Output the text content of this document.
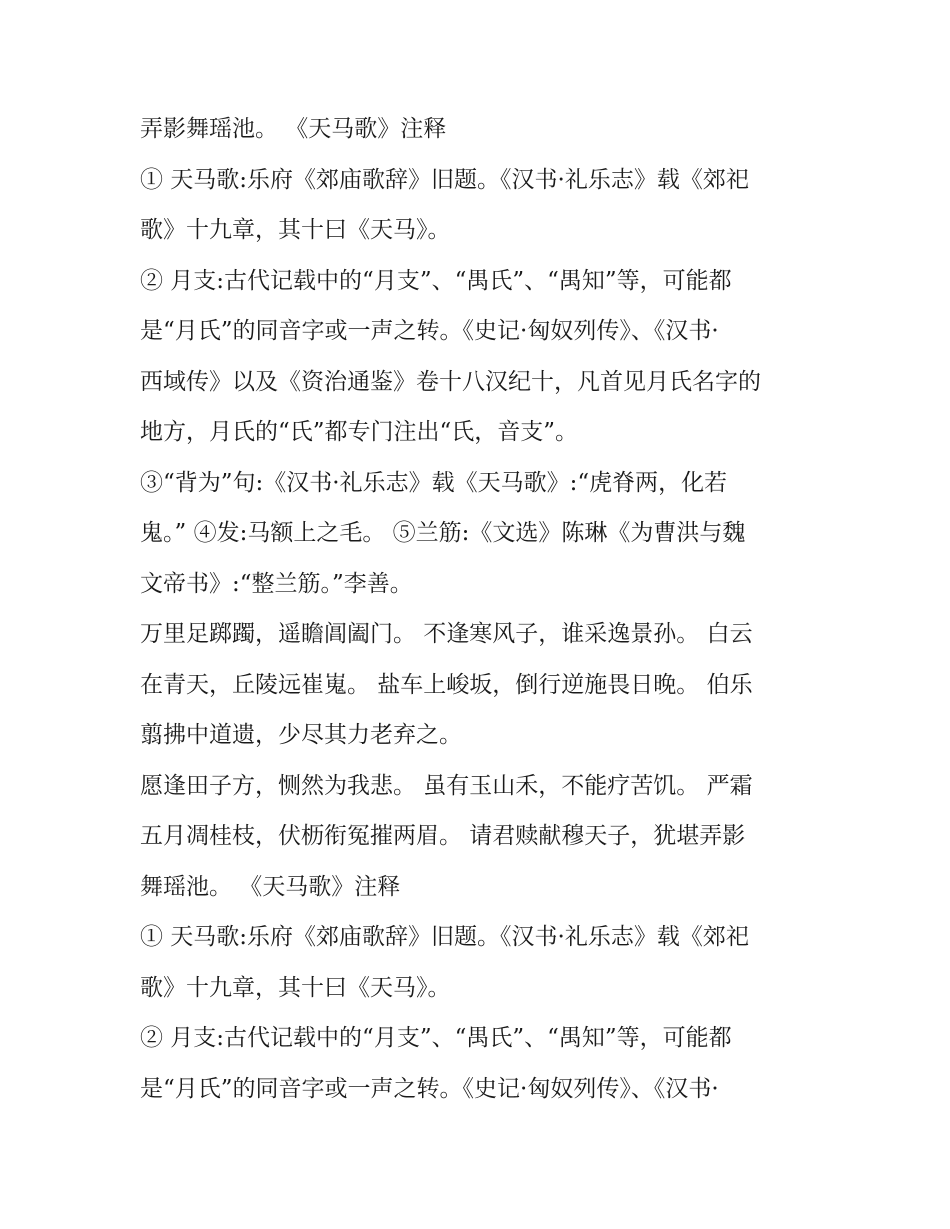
弄影舞瑶池。 《天马歌》注释
① 天马歌:乐府《郊庙歌辞》旧题。《汉书·礼乐志》载《郊祀
歌》十九章，其十曰《天马》。
② 月支:古代记载中的“月支”、“禺氏”、“禺知”等，可能都
是“月氏”的同音字或一声之转。《史记·匈奴列传》、《汉书·
西域传》以及《资治通鉴》卷十八汉纪十，凡首见月氏名字的
地方，月氏的“氏”都专门注出“氏，音支”。
③“背为”句:《汉书·礼乐志》载《天马歌》:“虎脊两，化若
鬼。” ④发:马额上之毛。 ⑤兰筋:《文选》陈琳《为曹洪与魏
文帝书》:“整兰筋。”李善。
万里足踯躅，遥瞻阊阖门。 不逢寒风子，谁采逸景孙。 白云
在青天，丘陵远崔嵬。 盐车上峻坂，倒行逆施畏日晚。 伯乐
翦拂中道遗，少尽其力老弃之。
愿逢田子方，恻然为我悲。 虽有玉山禾，不能疗苦饥。 严霜
五月凋桂枝，伏枥衔冤摧两眉。 请君赎献穆天子，犹堪弄影
舞瑶池。 《天马歌》注释
① 天马歌:乐府《郊庙歌辞》旧题。《汉书·礼乐志》载《郊祀
歌》十九章，其十曰《天马》。
② 月支:古代记载中的“月支”、“禺氏”、“禺知”等，可能都
是“月氏”的同音字或一声之转。《史记·匈奴列传》、《汉书·
